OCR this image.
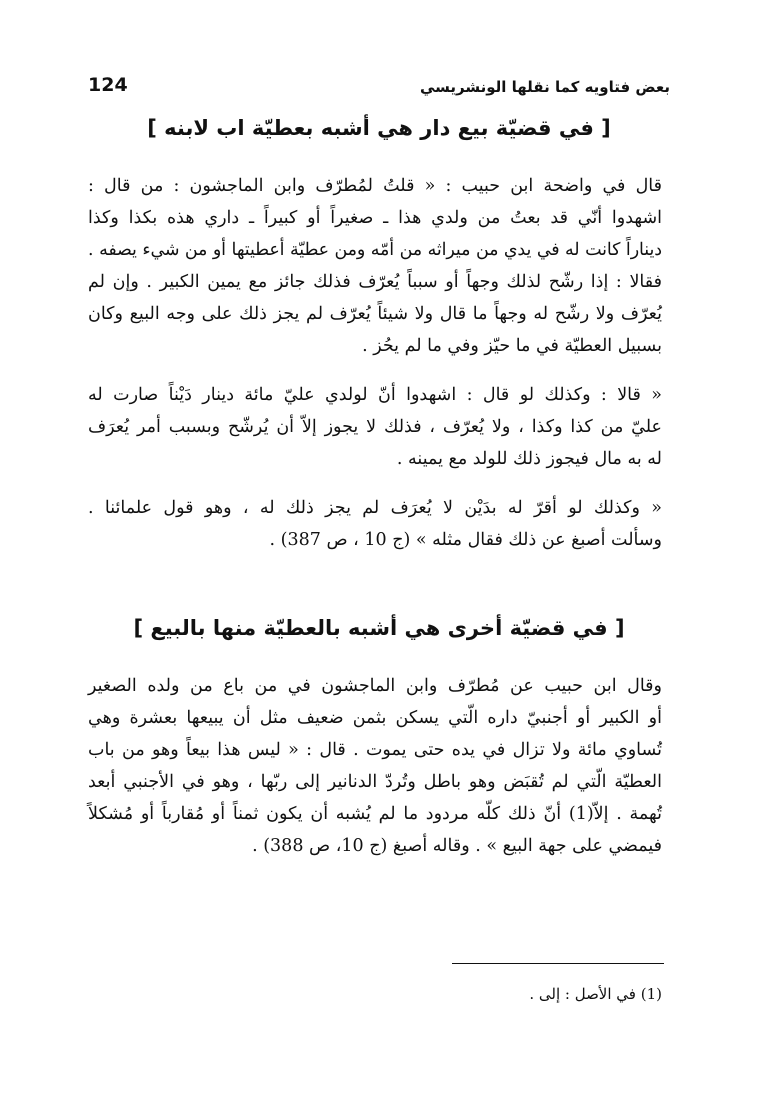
بعض فتاويه كما نقلها الونشريسي
124
[ في قضيّة بيع دار هي أشبه بعطيّة اب لابنه ]
قال في واضحة ابن حبيب : « قلتُ لمُطرّف وابن الماجشون : من قال :
اشهدوا أنّي قد بعتُ من ولدي هذا ـ صغيراً أو كبيراً ـ داري هذه بكذا وكذا
ديناراً كانت له في يدي من ميراثه من أمّه ومن عطيّة أعطيتها أو من شيء يصفه .
فقالا : إذا رشّح لذلك وجهاً أو سبباً يُعرّف فذلك جائز مع يمين الكبير . وإن لم
يُعرّف ولا رشّح له وجهاً ما قال ولا شيئاً يُعرّف لم يجز ذلك على وجه البيع وكان
بسبيل العطيّة في ما حيّز وفي ما لم يحُز .
« قالا : وكذلك لو قال : اشهدوا أنّ لولدي عليّ مائة دينار دَيْناً صارت له
عليّ من كذا وكذا ، ولا يُعرّف ، فذلك لا يجوز إلاّ أن يُرشّح وبسبب أمر يُعرَف
له به مال فيجوز ذلك للولد مع يمينه .
« وكذلك لو أقرّ له بدَيْن لا يُعرَف لم يجز ذلك له ، وهو قول علمائنا .
وسألت أصبغ عن ذلك فقال مثله » (ج 10 ، ص 387) .
[ في قضيّة أخرى هي أشبه بالعطيّة منها بالبيع ]
وقال ابن حبيب عن مُطرّف وابن الماجشون في من باع من ولده الصغير
أو الكبير أو أجنبيّ داره الّتي يسكن بثمن ضعيف مثل أن يبيعها بعشرة وهي
تُساوي مائة ولا تزال في يده حتى يموت . قال : « ليس هذا بيعاً وهو من باب
العطيّة الّتي لم تُقبَض وهو باطل وتُردّ الدنانير إلى ربّها ، وهو في الأجنبي أبعد
تُهمة . إلاّ(1) أنّ ذلك كلّه مردود ما لم يُشبه أن يكون ثمناً أو مُقارباً أو مُشكلاً
فيمضي على جهة البيع » . وقاله أصبغ (ج 10، ص 388) .
(1) في الأصل : إلى .
